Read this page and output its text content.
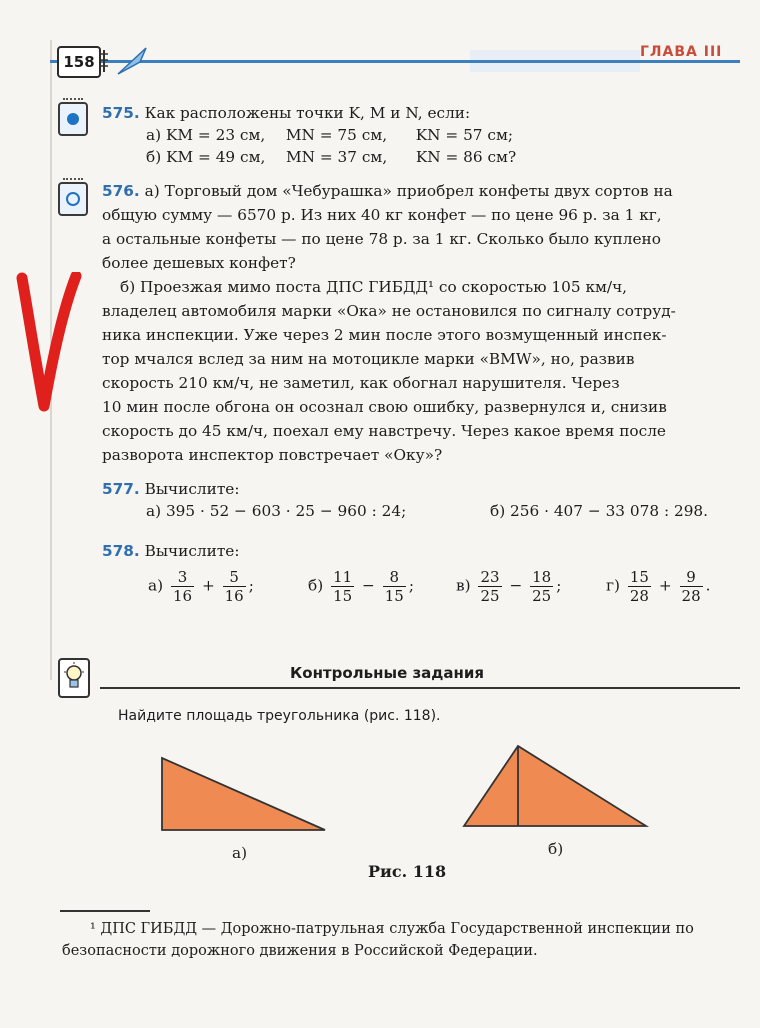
158
ГЛАВА III
575. Как расположены точки K, M и N, если:
а) KM = 23 см, MN = 75 см, KN = 57 см;
б) KM = 49 см, MN = 37 см, KN = 86 см?
576. а) Торговый дом «Чебурашка» приобрел конфеты двух сортов на
общую сумму — 6570 р. Из них 40 кг конфет — по цене 96 р. за 1 кг,
а остальные конфеты — по цене 78 р. за 1 кг. Сколько было куплено
более дешевых конфет?
б) Проезжая мимо поста ДПС ГИБДД¹ со скоростью 105 км/ч,
владелец автомобиля марки «Ока» не остановился по сигналу сотруд-
ника инспекции. Уже через 2 мин после этого возмущенный инспек-
тор мчался вслед за ним на мотоцикле марки «BMW», но, развив
скорость 210 км/ч, не заметил, как обогнал нарушителя. Через
10 мин после обгона он осознал свою ошибку, развернулся и, снизив
скорость до 45 км/ч, поехал ему навстречу. Через какое время после
разворота инспектор повстречает «Оку»?
577. Вычислите:
а) 395 · 52 − 603 · 25 − 960 : 24;	б) 256 · 407 − 33 078 : 298.
578. Вычислите:
$а) \frac{3}{16} + \frac{5}{16}$ ;	$б) \frac{11}{15} - \frac{8}{15}$ ;	$в) \frac{23}{25} - \frac{18}{25}$ ;	$г) \frac{15}{28} + \frac{9}{28}$ .
Контрольные задания
Найдите площадь треугольника (рис. 118).
а)	б)
Рис. 118
¹ ДПС ГИБДД — Дорожно-патрульная служба Государственной инспекции по
безопасности дорожного движения в Российской Федерации.
